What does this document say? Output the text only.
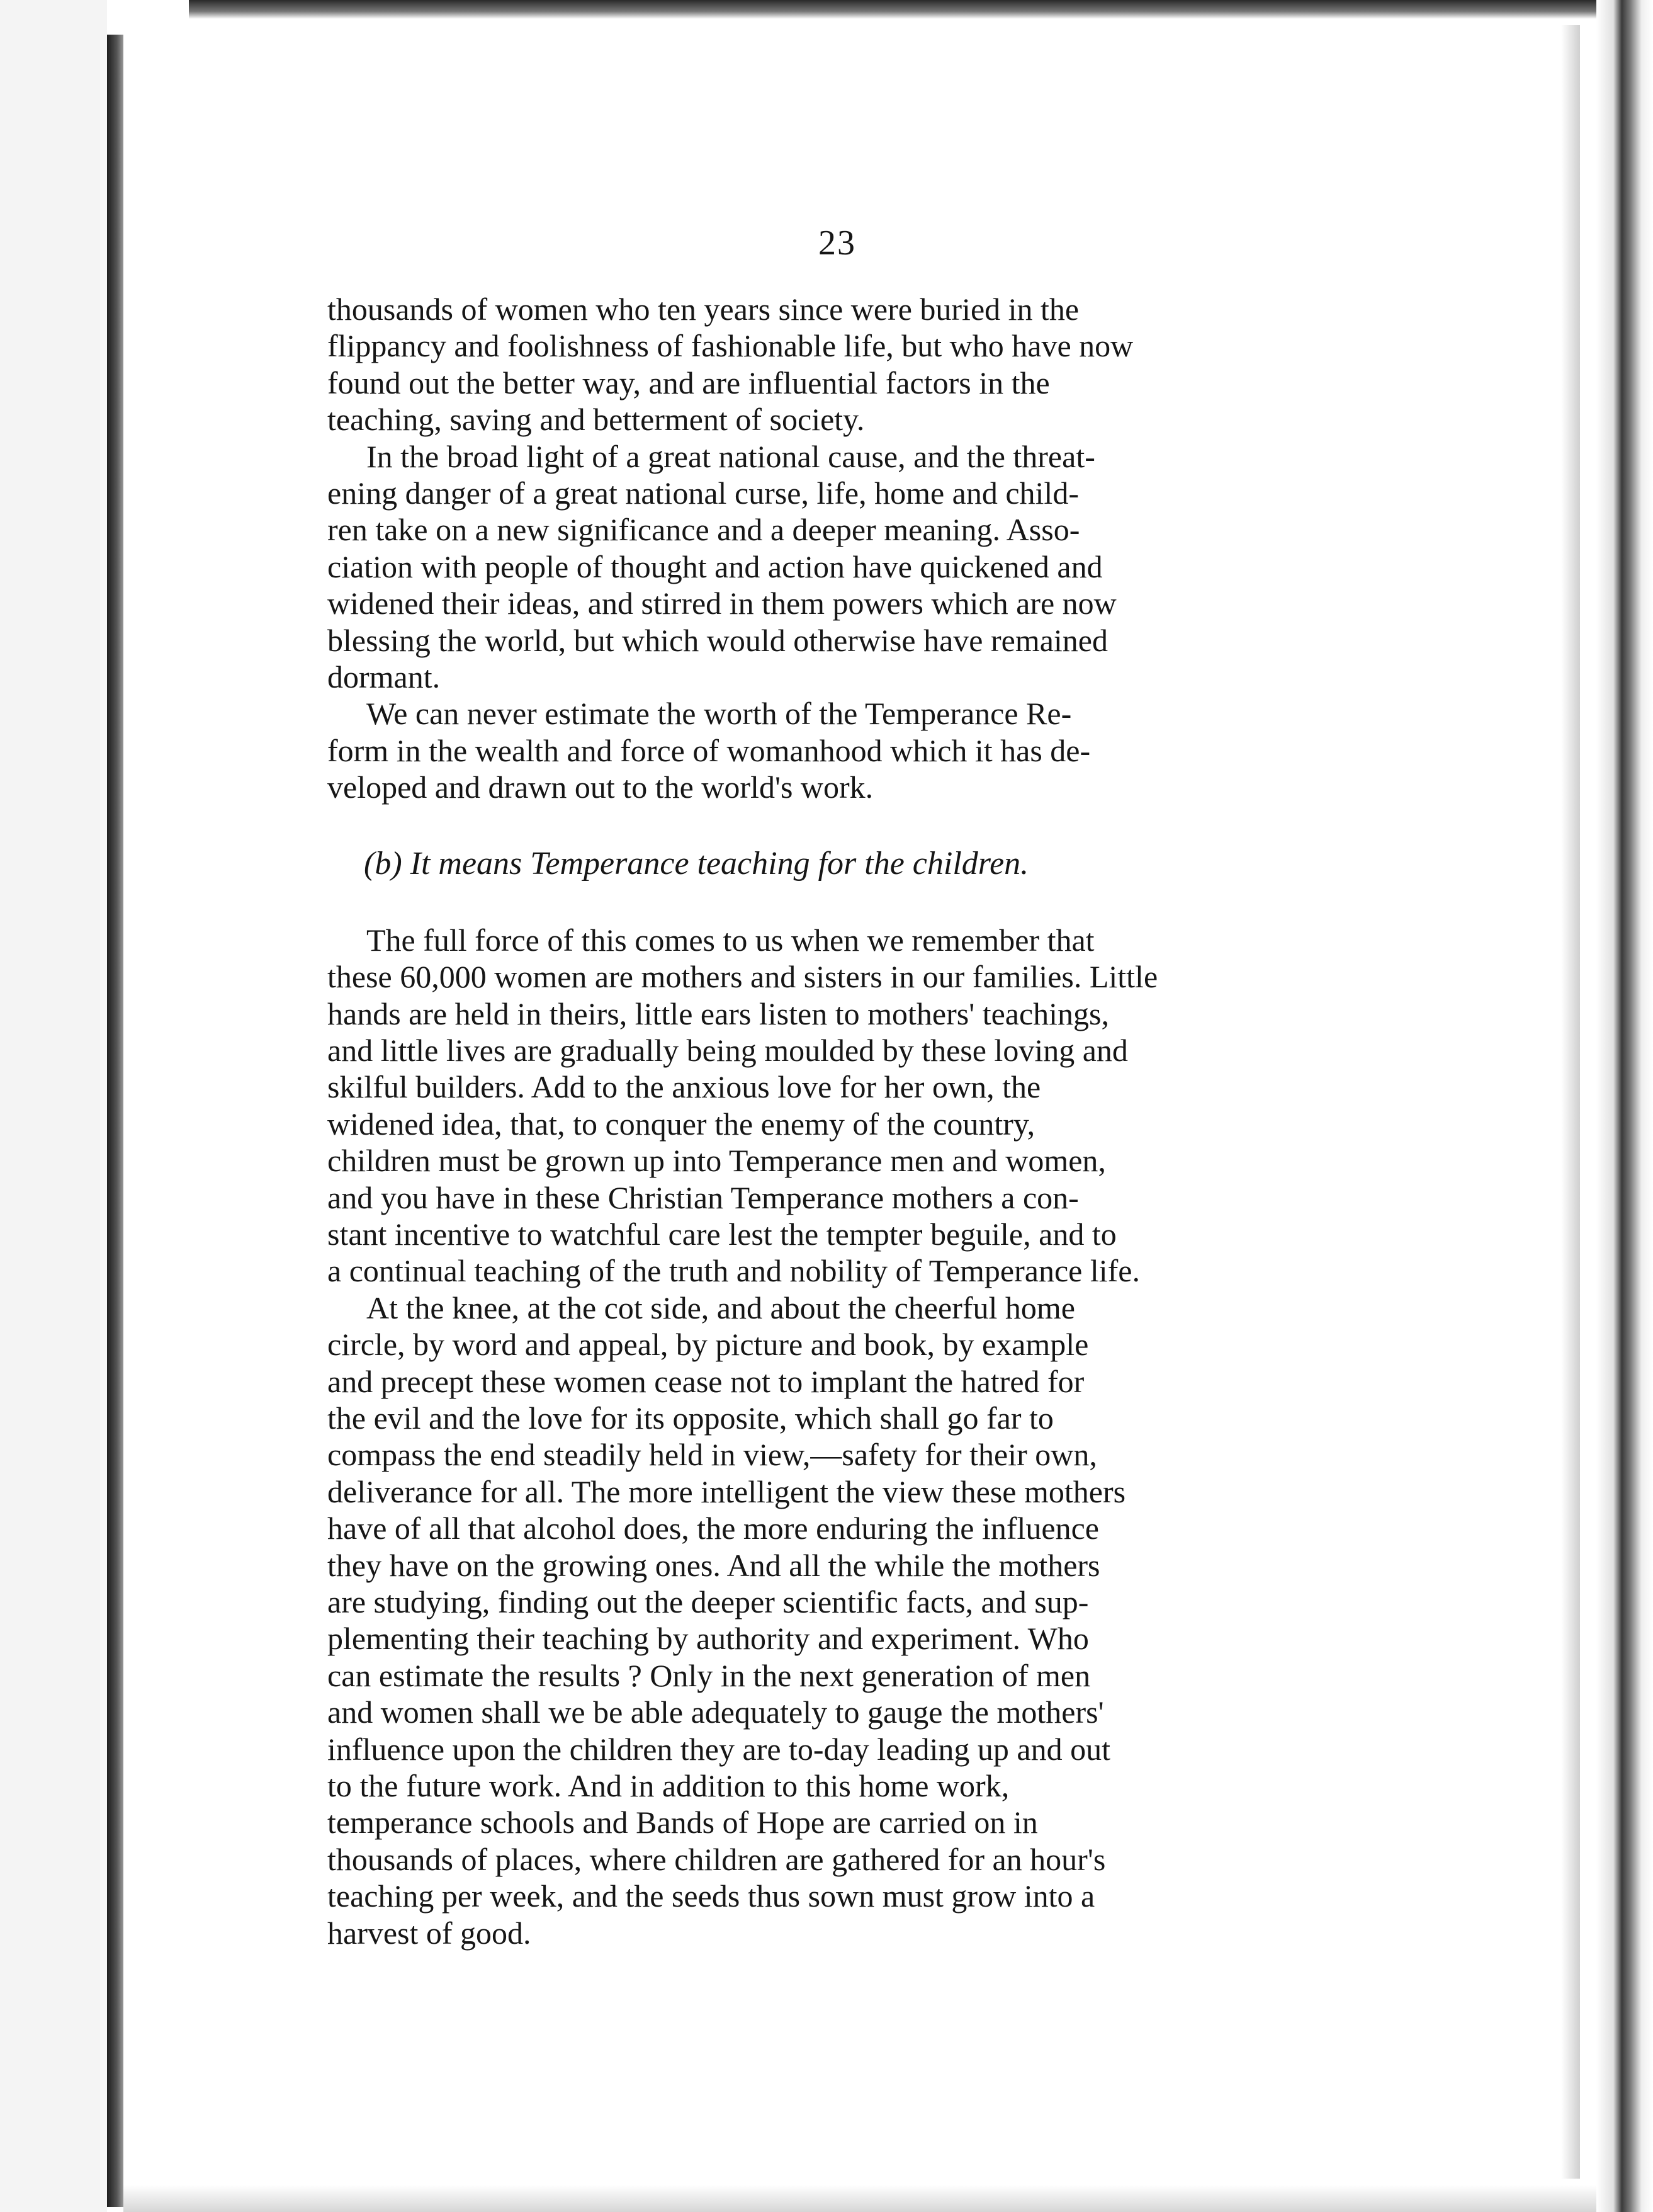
23

thousands of women who ten years since were buried in the
flippancy and foolishness of fashionable life, but who have now
found out the better way, and are influential factors in the
teaching, saving and betterment of society.

In the broad light of a great national cause, and the threat-
ening danger of a great national curse, life, home and child-
ren take on a new significance and a deeper meaning. Asso-
ciation with people of thought and action have quickened and
widened their ideas, and stirred in them powers which are now
blessing the world, but which would otherwise have remained
dormant.

We can never estimate the worth of the Temperance Re-
form in the wealth and force of womanhood which it has de-
veloped and drawn out to the world's work.

(b) It means Temperance teaching for the children.

The full force of this comes to us when we remember that
these 60,000 women are mothers and sisters in our families. Little
hands are held in theirs, little ears listen to mothers' teachings,
and little lives are gradually being moulded by these loving and
skilful builders. Add to the anxious love for her own, the
widened idea, that, to conquer the enemy of the country,
children must be grown up into Temperance men and women,
and you have in these Christian Temperance mothers a con-
stant incentive to watchful care lest the tempter beguile, and to
a continual teaching of the truth and nobility of Temperance life.

At the knee, at the cot side, and about the cheerful home
circle, by word and appeal, by picture and book, by example
and precept these women cease not to implant the hatred for
the evil and the love for its opposite, which shall go far to
compass the end steadily held in view,—safety for their own,
deliverance for all. The more intelligent the view these mothers
have of all that alcohol does, the more enduring the influence
they have on the growing ones. And all the while the mothers
are studying, finding out the deeper scientific facts, and sup-
plementing their teaching by authority and experiment. Who
can estimate the results ? Only in the next generation of men
and women shall we be able adequately to gauge the mothers'
influence upon the children they are to-day leading up and out
to the future work. And in addition to this home work,
temperance schools and Bands of Hope are carried on in
thousands of places, where children are gathered for an hour's
teaching per week, and the seeds thus sown must grow into a
harvest of good.
